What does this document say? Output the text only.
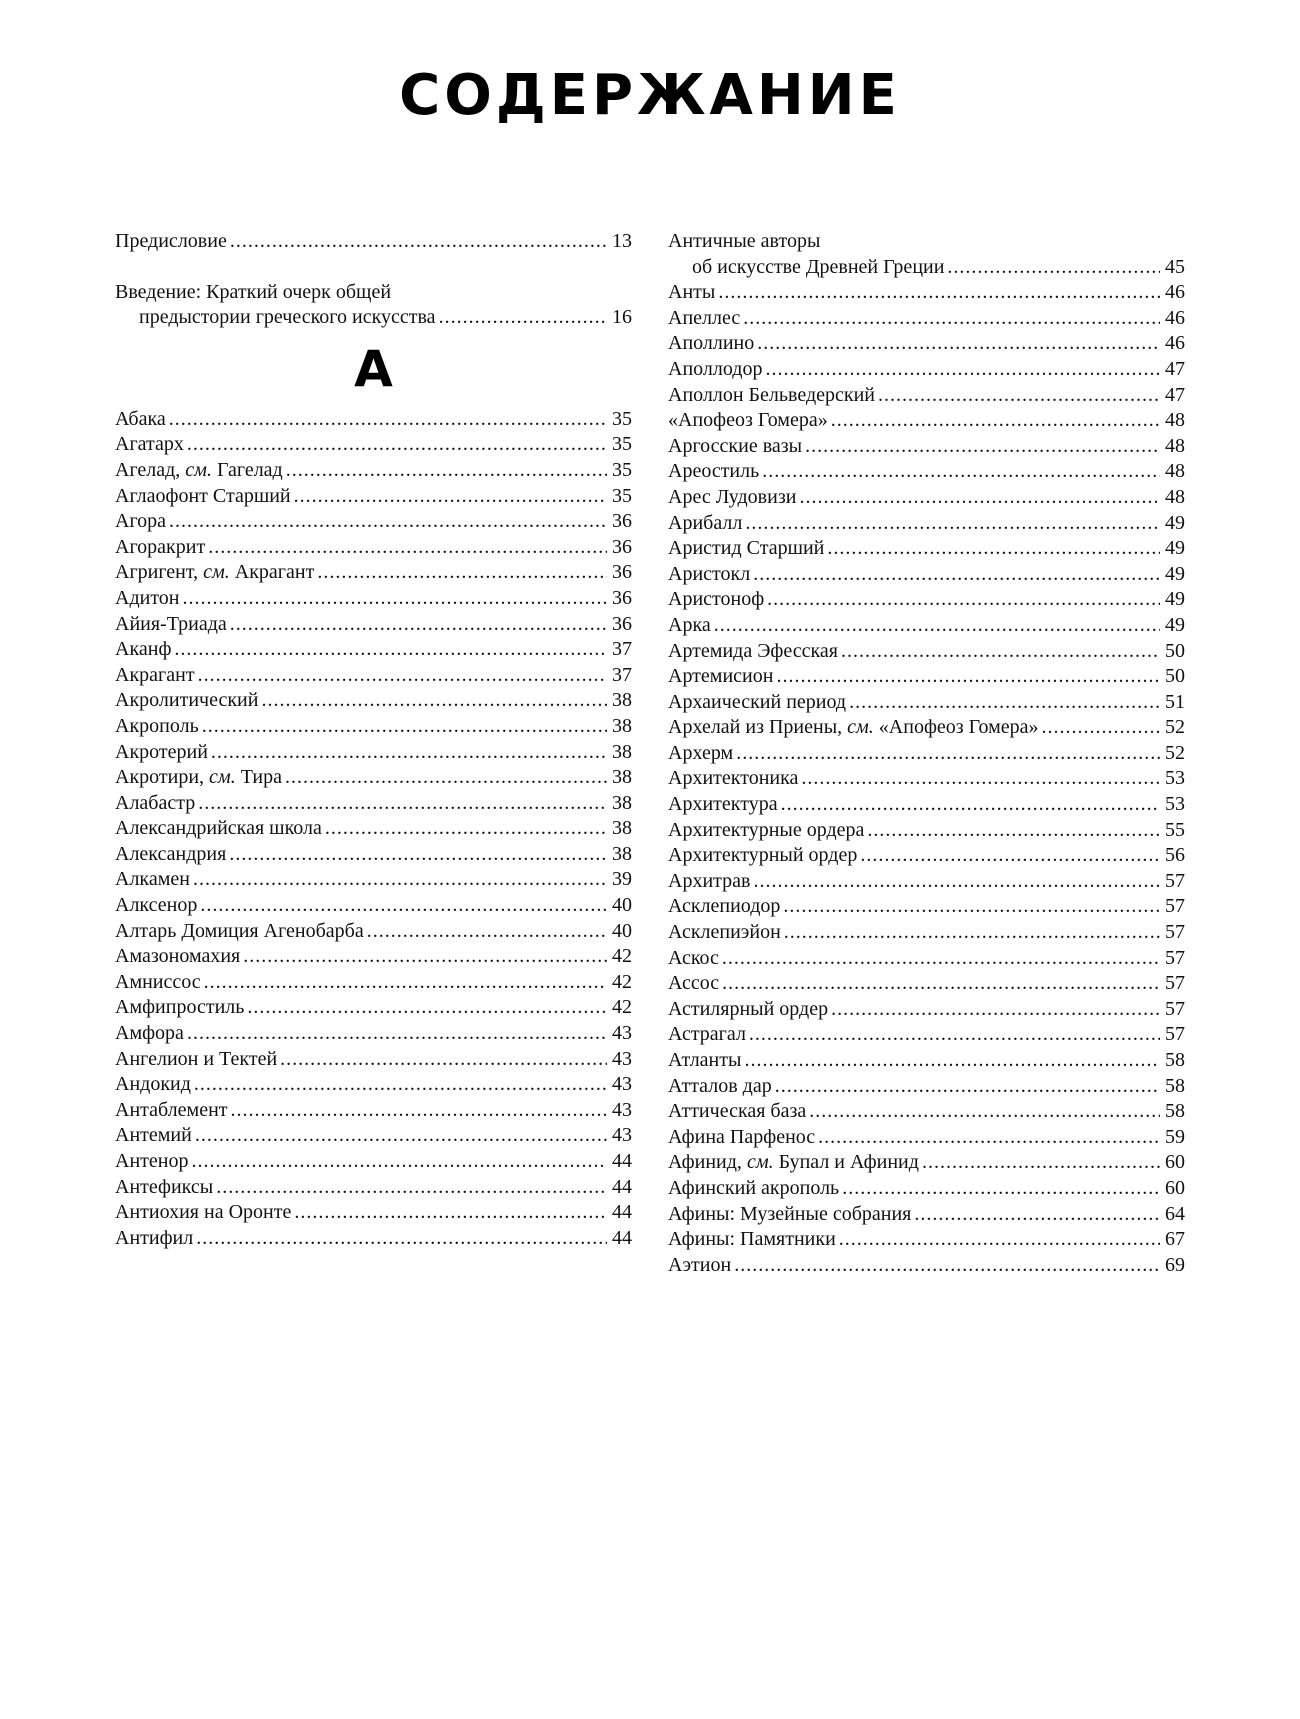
СОДЕРЖАНИЕ
Предисловие .....	13
Введение: Краткий очерк общей
предыстории греческого искусства .....	16
А
Абака .....	35
Агатарх .....	35
Агелад, см. Гагелад .....	35
Аглаофонт Старший .....	35
Агора .....	36
Агоракрит .....	36
Агригент, см. Акрагант .....	36
Адитон .....	36
Айия-Триада .....	36
Аканф .....	37
Акрагант .....	37
Акролитический .....	38
Акрополь .....	38
Акротерий .....	38
Акротири, см. Тира .....	38
Алабастр .....	38
Александрийская школа .....	38
Александрия .....	38
Алкамен .....	39
Алксенор .....	40
Алтарь Домиция Агенобарба .....	40
Амазономахия .....	42
Амниссос .....	42
Амфипростиль .....	42
Амфора .....	43
Ангелион и Тектей .....	43
Андокид .....	43
Антаблемент .....	43
Антемий .....	43
Антенор .....	44
Антефиксы .....	44
Антиохия на Оронте .....	44
Антифил .....	44
Античные авторы
об искусстве Древней Греции .....	45
Анты .....	46
Апеллес .....	46
Аполлино .....	46
Аполлодор .....	47
Аполлон Бельведерский .....	47
«Апофеоз Гомера» .....	48
Аргосские вазы .....	48
Ареостиль .....	48
Арес Лудовизи .....	48
Арибалл .....	49
Аристид Старший .....	49
Аристокл .....	49
Аристоноф .....	49
Арка .....	49
Артемида Эфесская .....	50
Артемисион .....	50
Архаический период .....	51
Архелай из Приены, см. «Апофеоз Гомера» .....	52
Архерм .....	52
Архитектоника .....	53
Архитектура .....	53
Архитектурные ордера .....	55
Архитектурный ордер .....	56
Архитрав .....	57
Асклепиодор .....	57
Асклепиэйон .....	57
Аскос .....	57
Ассос .....	57
Астилярный ордер .....	57
Астрагал .....	57
Атланты .....	58
Атталов дар .....	58
Аттическая база .....	58
Афина Парфенос .....	59
Афинид, см. Бупал и Афинид .....	60
Афинский акрополь .....	60
Афины: Музейные собрания .....	64
Афины: Памятники .....	67
Аэтион .....	69
